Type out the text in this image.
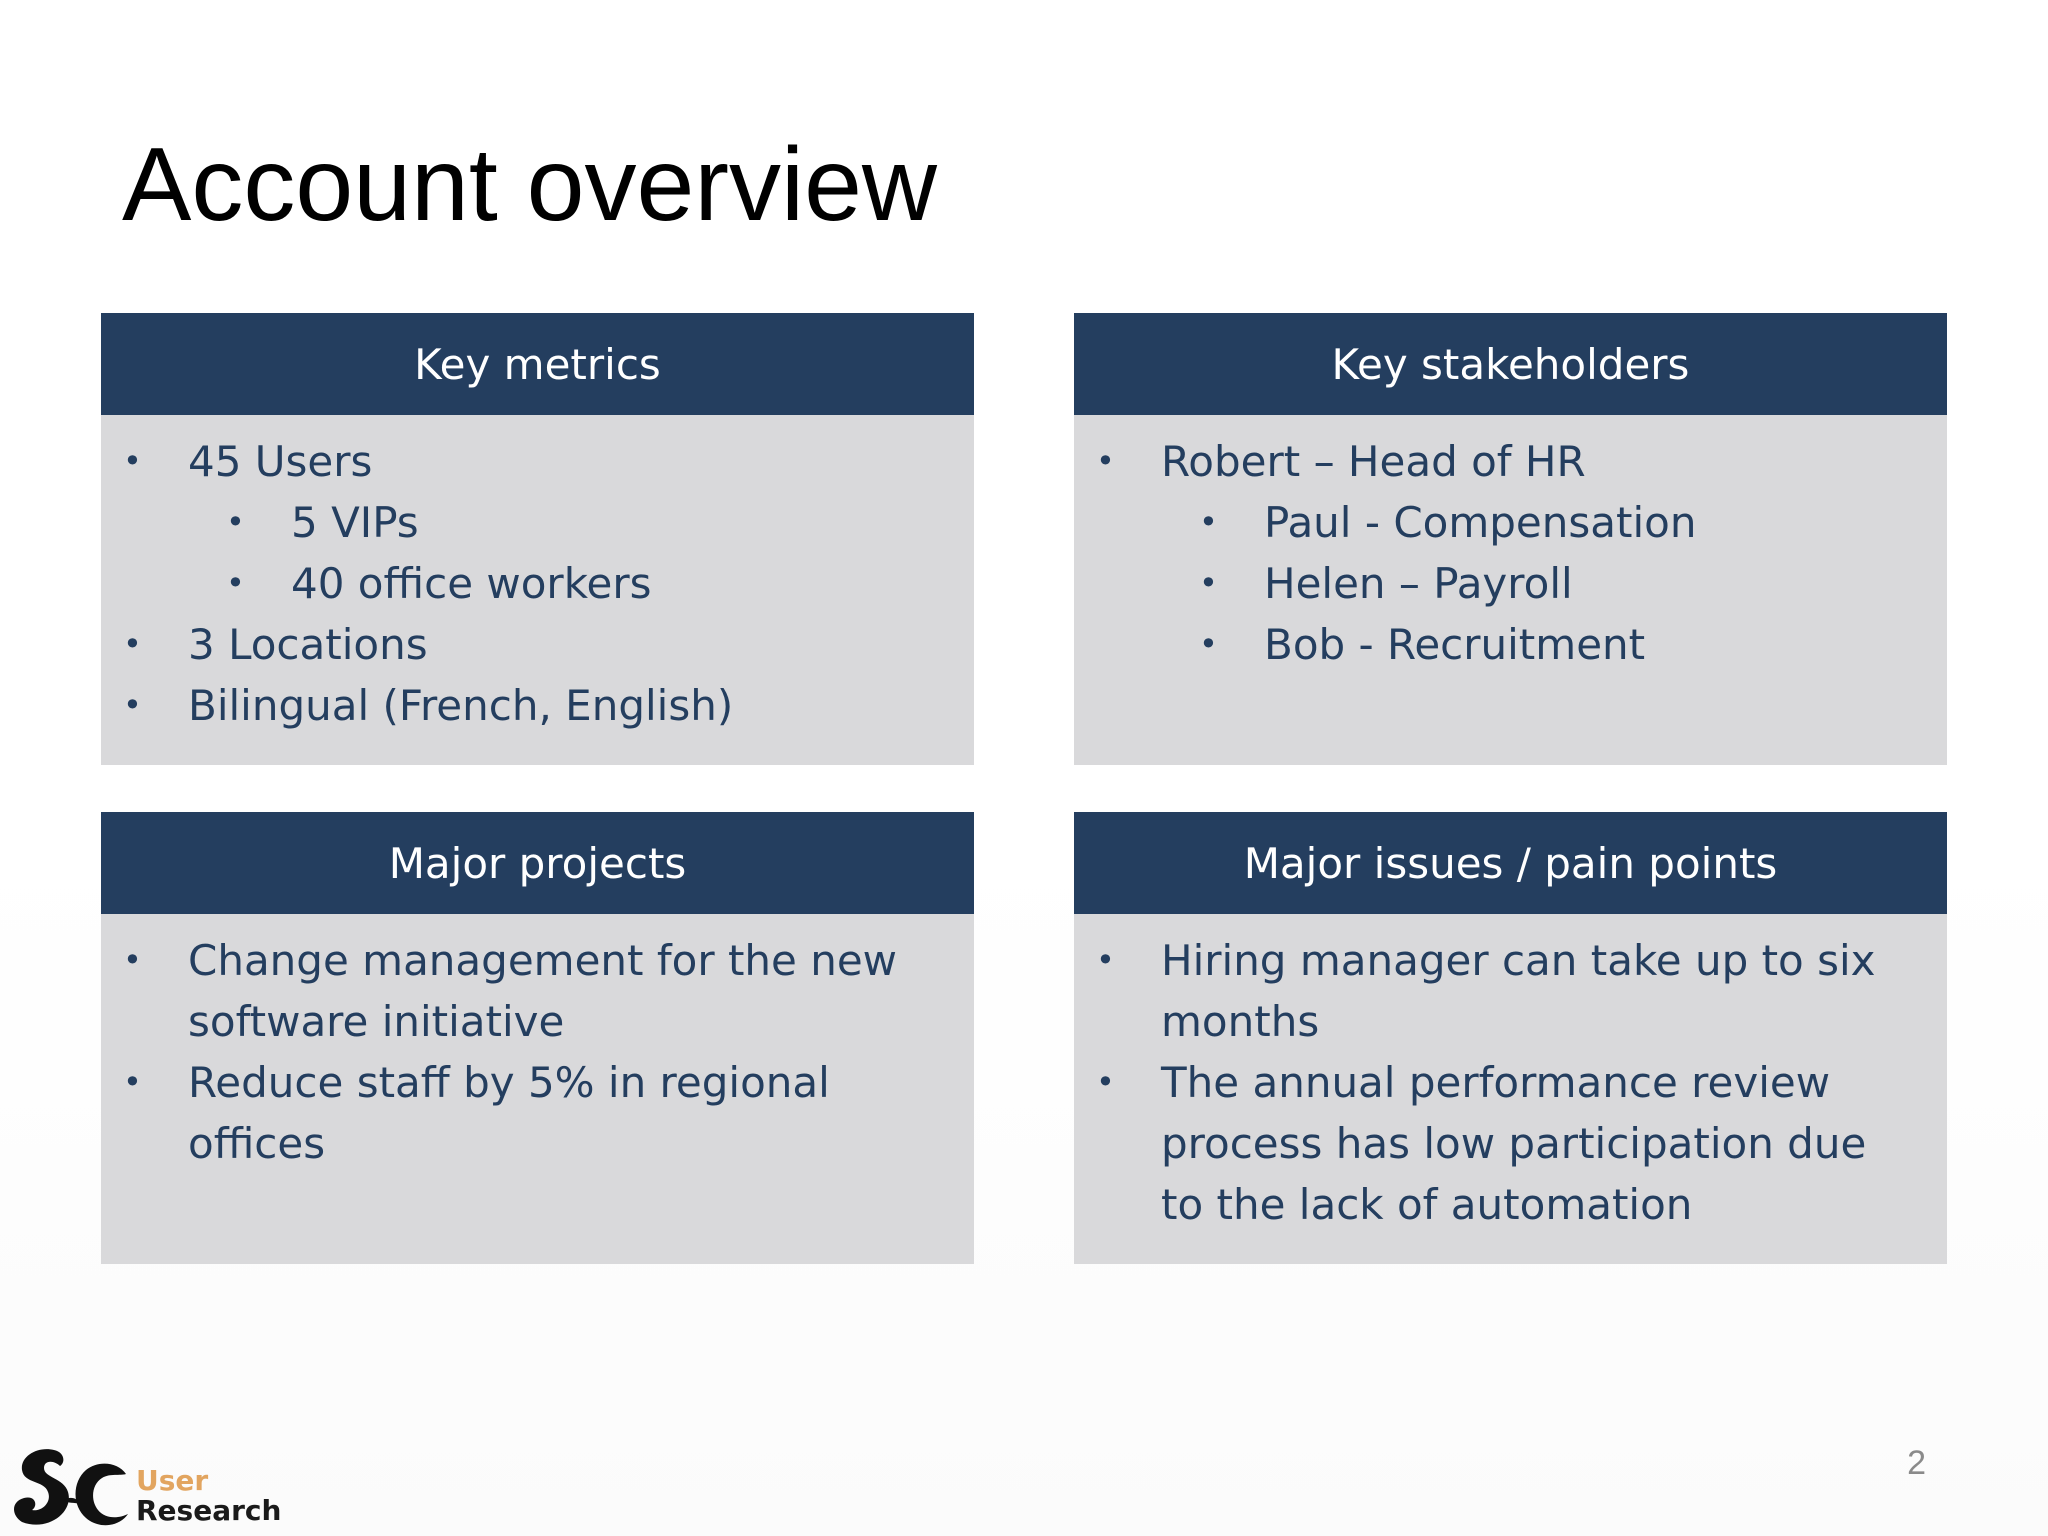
Account overview
Key metrics
• 45 Users
• 5 VIPs
• 40 office workers
• 3 Locations
• Bilingual (French, English)
Key stakeholders
• Robert – Head of HR
• Paul - Compensation
• Helen – Payroll
• Bob - Recruitment
Major projects
• Change management for the new software initiative
• Reduce staff by 5% in regional offices
Major issues / pain points
• Hiring manager can take up to six months
• The annual performance review process has low participation due to the lack of automation
User
Research
2
